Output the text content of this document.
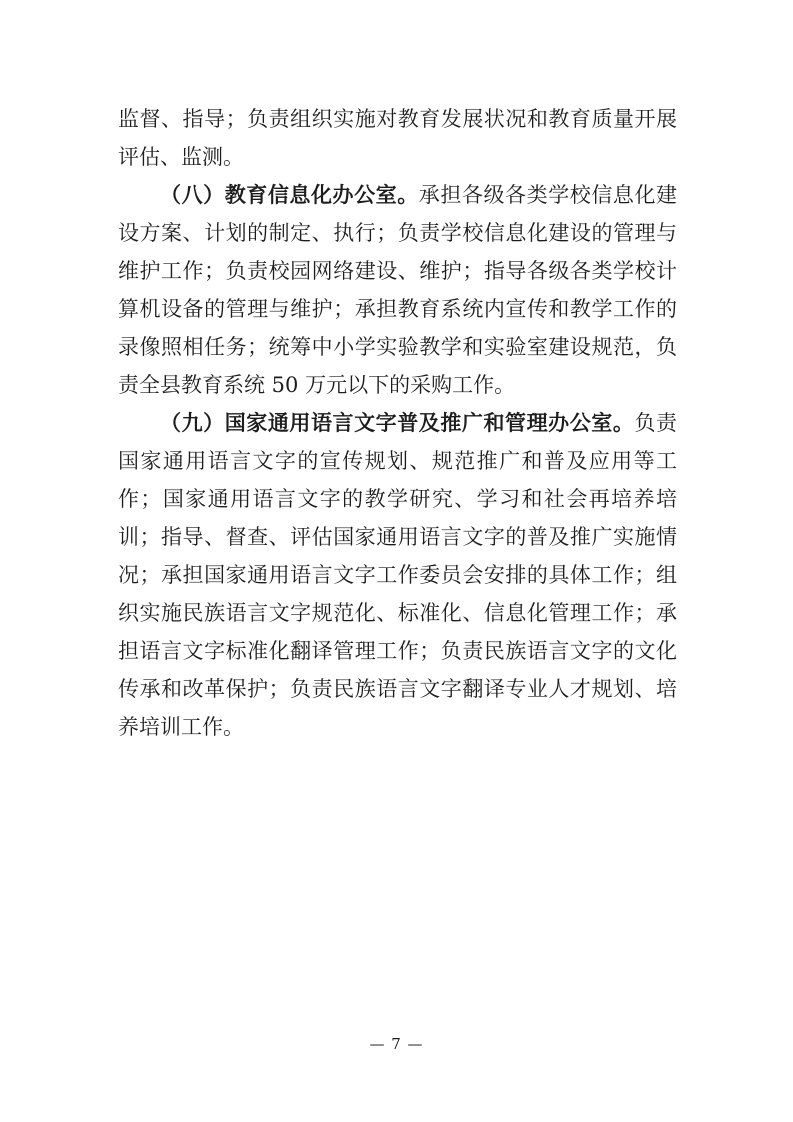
监督、指导；负责组织实施对教育发展状况和教育质量开展评估、监测。

（八）教育信息化办公室。承担各级各类学校信息化建设方案、计划的制定、执行；负责学校信息化建设的管理与维护工作；负责校园网络建设、维护；指导各级各类学校计算机设备的管理与维护；承担教育系统内宣传和教学工作的录像照相任务；统筹中小学实验教学和实验室建设规范，负责全县教育系统 50 万元以下的采购工作。

（九）国家通用语言文字普及推广和管理办公室。负责国家通用语言文字的宣传规划、规范推广和普及应用等工作；国家通用语言文字的教学研究、学习和社会再培养培训；指导、督查、评估国家通用语言文字的普及推广实施情况；承担国家通用语言文字工作委员会安排的具体工作；组织实施民族语言文字规范化、标准化、信息化管理工作；承担语言文字标准化翻译管理工作；负责民族语言文字的文化传承和改革保护；负责民族语言文字翻译专业人才规划、培养培训工作。

— 7 —
